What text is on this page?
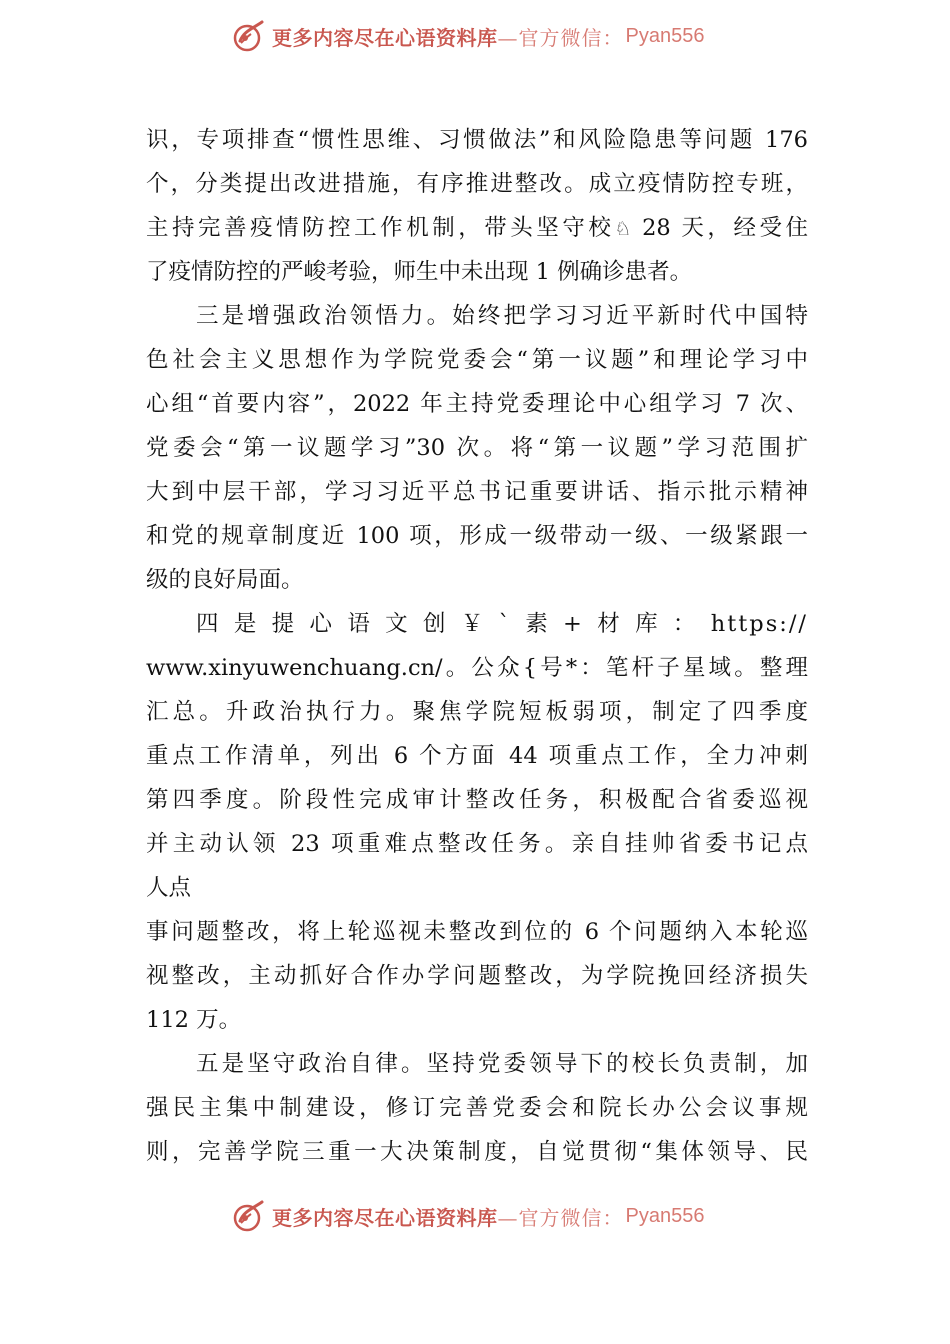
更多内容尽在心语资料库 —官方微信： Pyan556
识，专项排查“惯性思维、习惯做法”和风险隐患等问题 176
个，分类提出改进措施，有序推进整改。成立疫情防控专班，
主持完善疫情防控工作机制，带头坚守校♘ 28 天，经受住
了疫情防控的严峻考验，师生中未出现 1 例确诊患者。
三是增强政治领悟力。始终把学习习近平新时代中国特
色社会主义思想作为学院党委会“第一议题”和理论学习中
心组“首要内容”，2022 年主持党委理论中心组学习 7 次、
党委会“第一议题学习”30 次。将“第一议题”学习范围扩
大到中层干部，学习习近平总书记重要讲话、指示批示精神
和党的规章制度近 100 项，形成一级带动一级、一级紧跟一
级的良好局面。
四是提心语文创￥`素+材库：https://
www.xinyuwenchuang.cn/。公众{号*：笔杆子星域。整理
汇总。升政治执行力。聚焦学院短板弱项，制定了四季度
重点工作清单，列出 6 个方面 44 项重点工作，全力冲刺
第四季度。阶段性完成审计整改任务，积极配合省委巡视
并主动认领 23 项重难点整改任务。亲自挂帅省委书记点
人点
事问题整改，将上轮巡视未整改到位的 6 个问题纳入本轮巡
视整改，主动抓好合作办学问题整改，为学院挽回经济损失
112 万。
五是坚守政治自律。坚持党委领导下的校长负责制，加
强民主集中制建设，修订完善党委会和院长办公会议事规
则，完善学院三重一大决策制度，自觉贯彻“集体领导、民
更多内容尽在心语资料库 —官方微信： Pyan556
